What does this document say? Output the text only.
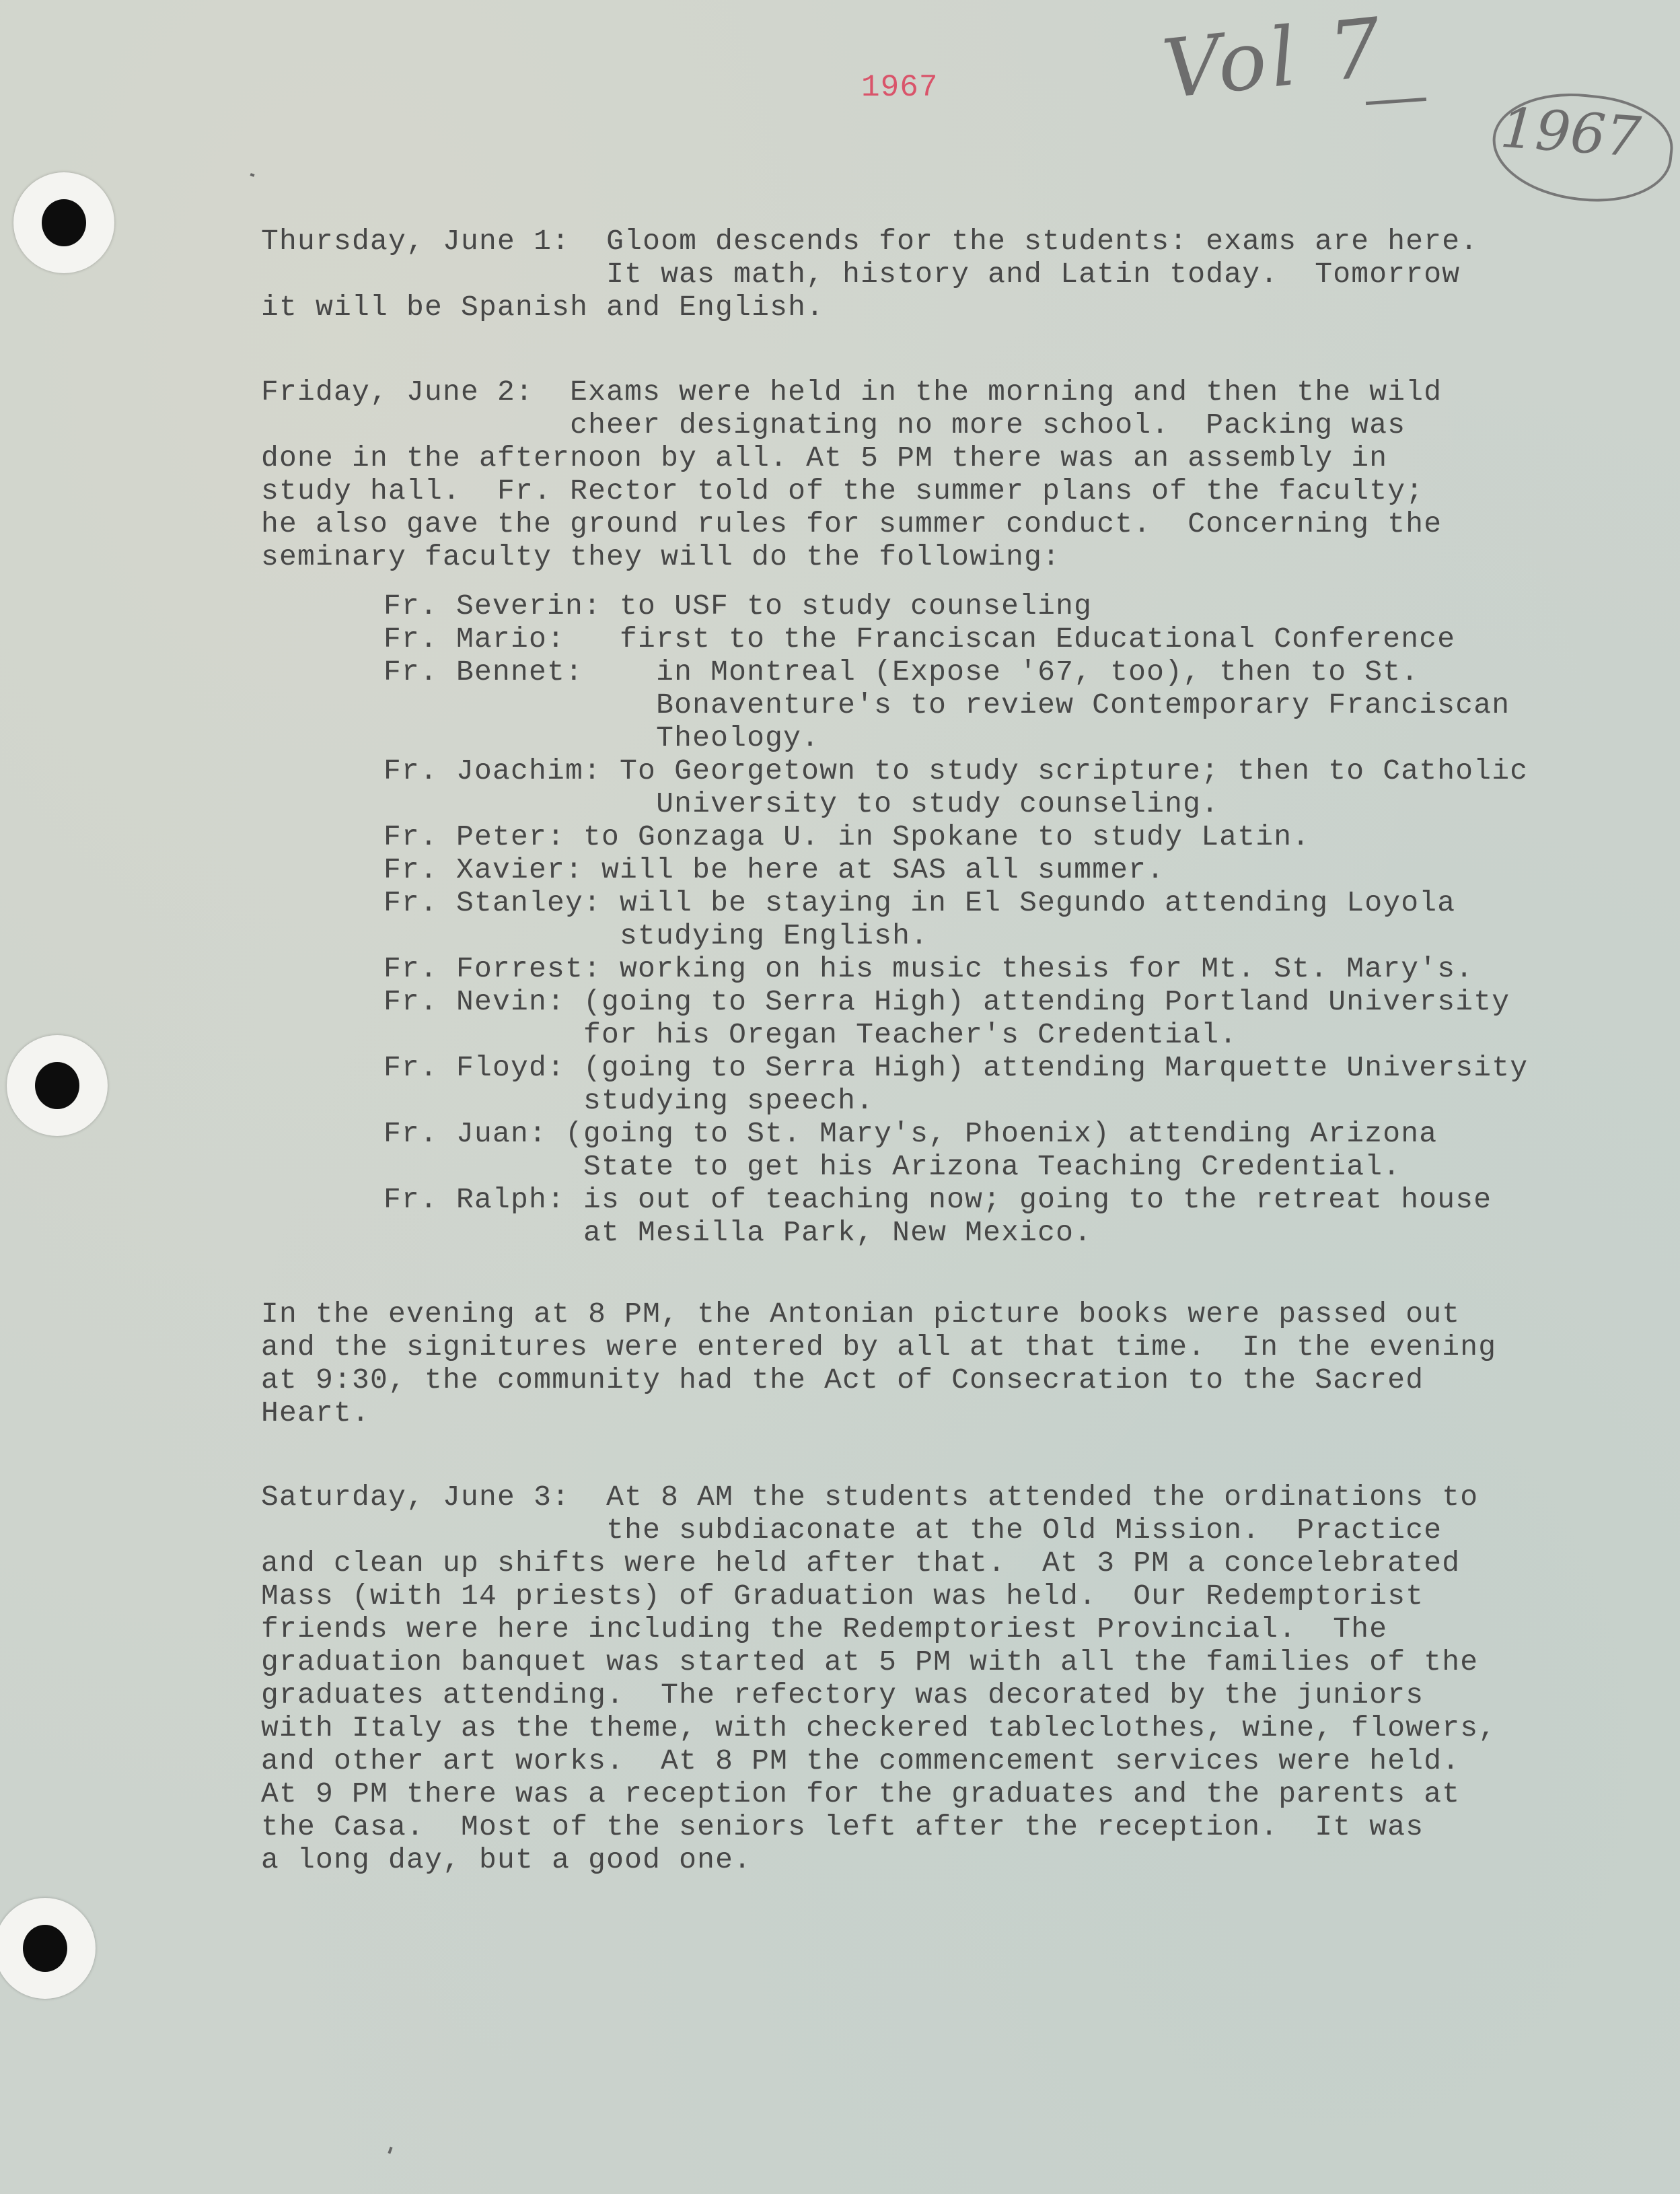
1967	Vol 7
1967
Thursday, June 1:  Gloom descends for the students: exams are here.
It was math, history and Latin today.  Tomorrow
it will be Spanish and English.
Friday, June 2:  Exams were held in the morning and then the wild
cheer designating no more school.  Packing was
done in the afternoon by all. At 5 PM there was an assembly in
study hall.  Fr. Rector told of the summer plans of the faculty;
he also gave the ground rules for summer conduct.  Concerning the
seminary faculty they will do the following:
Fr. Severin: to USF to study counseling
Fr. Mario:   first to the Franciscan Educational Conference
Fr. Bennet:    in Montreal (Expose '67, too), then to St.
Bonaventure's to review Contemporary Franciscan
Theology.
Fr. Joachim: To Georgetown to study scripture; then to Catholic
University to study counseling.
Fr. Peter: to Gonzaga U. in Spokane to study Latin.
Fr. Xavier: will be here at SAS all summer.
Fr. Stanley: will be staying in El Segundo attending Loyola
studying English.
Fr. Forrest: working on his music thesis for Mt. St. Mary's.
Fr. Nevin: (going to Serra High) attending Portland University
for his Oregan Teacher's Credential.
Fr. Floyd: (going to Serra High) attending Marquette University
studying speech.
Fr. Juan: (going to St. Mary's, Phoenix) attending Arizona
State to get his Arizona Teaching Credential.
Fr. Ralph: is out of teaching now; going to the retreat house
at Mesilla Park, New Mexico.
In the evening at 8 PM, the Antonian picture books were passed out
and the signitures were entered by all at that time.  In the evening
at 9:30, the community had the Act of Consecration to the Sacred
Heart.
Saturday, June 3:  At 8 AM the students attended the ordinations to
the subdiaconate at the Old Mission.  Practice
and clean up shifts were held after that.  At 3 PM a concelebrated
Mass (with 14 priests) of Graduation was held.  Our Redemptorist
friends were here including the Redemptoriest Provincial.  The
graduation banquet was started at 5 PM with all the families of the
graduates attending.  The refectory was decorated by the juniors
with Italy as the theme, with checkered tableclothes, wine, flowers,
and other art works.  At 8 PM the commencement services were held.
At 9 PM there was a reception for the graduates and the parents at
the Casa.  Most of the seniors left after the reception.  It was
a long day, but a good one.
